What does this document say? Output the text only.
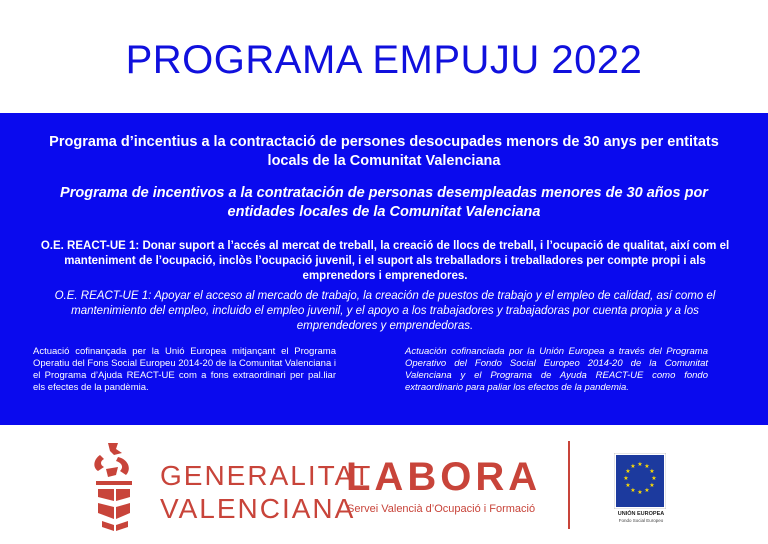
PROGRAMA EMPUJU 2022
Programa d’incentius a la contractació de persones desocupades menors de 30 anys per entitats locals de la Comunitat Valenciana
Programa de incentivos a la contratación de personas desempleadas menores de 30 años por entidades locales de la Comunitat Valenciana
O.E. REACT-UE 1: Donar suport a l’accés al mercat de treball, la creació de llocs de treball, i l’ocupació de qualitat, així com el manteniment de l’ocupació, inclòs l’ocupació juvenil, i el suport als treballadors i treballadores per compte propi i als emprenedors i emprenedores.
O.E. REACT-UE 1: Apoyar el acceso al mercado de trabajo, la creación de puestos de trabajo y el empleo de calidad, así como el mantenimiento del empleo, incluido el empleo juvenil, y el apoyo a los trabajadores y trabajadoras por cuenta propia y a los emprendedores y emprendedoras.
Actuació cofinançada per la Unió Europea mitjançant el Programa Operatiu del Fons Social Europeu 2014-20 de la Comunitat Valenciana i el Programa d’Ajuda REACT-UE com a fons extraordinari per pal.liar els efectes de la pandèmia.
Actuación cofinanciada por la Unión Europea a través del Programa Operativo del Fondo Social Europeo 2014-20 de la Comunitat Valenciana y el Programa de Ayuda REACT-UE como fondo extraordinario para paliar los efectos de la pandemia.
GENERALITAT
VALENCIANA
LABORA
Servei Valencià d’Ocupació i Formació
★ ★
★
★
★
★
★
★
★
★
★
★
UNIÓN EUROPEA
Fondo Social Europeo
